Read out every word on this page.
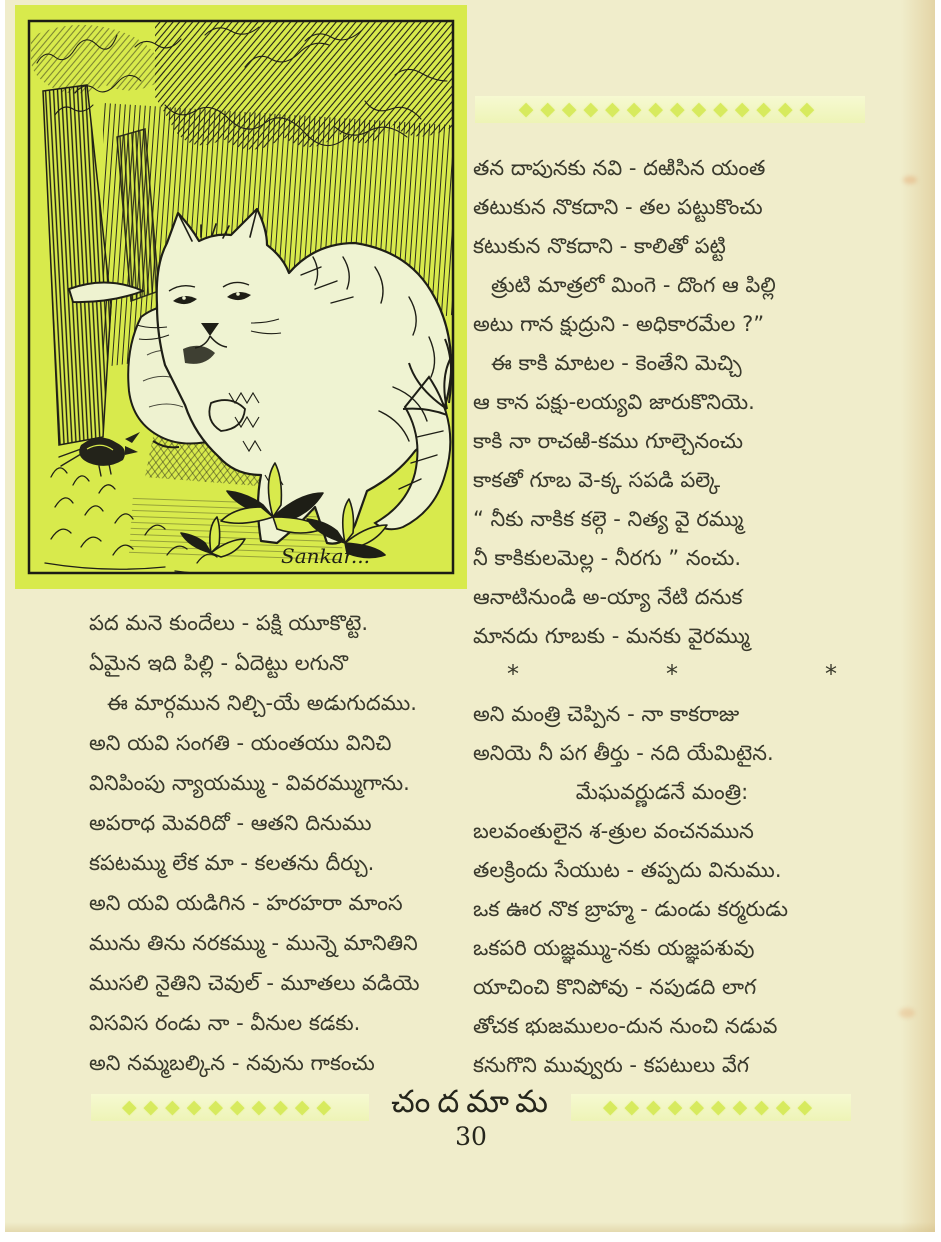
Sankar...
◆◆◆◆◆◆◆◆◆◆◆◆◆◆
◆◆◆◆◆◆◆◆◆◆	◆◆◆◆◆◆◆◆◆◆
తన దాపునకు నవి - దఱిసిన యంత
తటుకున నొకదాని - తల పట్టుకొంచు
కటుకున నొకదాని - కాలితో పట్టి
త్రుటి మాత్రలో మింగె - దొంగ ఆ పిల్లి
అటు గాన క్షుద్రుని - అధికారమేల ?”
ఈ కాకి మాటల - కెంతేని మెచ్చి
ఆ కాన పక్షు-లయ్యవి జారుకొనియె.
కాకి నా రాచఱి-కము గూల్చెనంచు
కాకతో గూబ వె-క్క సపడి పల్కె
“ నీకు నాకిక కల్గె - నిత్య వై రమ్ము
నీ కాకికులమెల్ల - నీరగు ” నంచు.
ఆనాటినుండి అ-య్యా నేటి దనుక
మానదు గూబకు - మనకు వైరమ్ము
*	*	*
అని మంత్రి చెప్పిన - నా కాకరాజు
అనియె నీ పగ తీర్తు - నది యేమిటైన.
మేఘవర్ణుడనే మంత్రి:
బలవంతులైన శ-త్రుల వంచనమున
తలక్రిందు సేయుట - తప్పదు వినుము.
ఒక ఊర నొక బ్రాహ్మ - డుండు కర్మరుడు
ఒకపరి యజ్ఞమ్ము-నకు యజ్ఞపశువు
యాచించి కొనిపోవు - నపుడది లాగ
తోచక భుజములం-దున నుంచి నడువ
కనుగొని మువ్వురు - కపటులు వేగ
పద మనె కుందేలు - పక్షి యూకొట్టె.
ఏమైన ఇది పిల్లి - ఏదెట్టు లగునొ
ఈ మార్గమున నిల్చి-యే అడుగుదము.
అని యవి సంగతి - యంతయు వినిచి
వినిపింపు న్యాయమ్ము - వివరమ్ముగాను.
అపరాధ మెవరిదో - ఆతని దినుము
కపటమ్ము లేక మా - కలతను దీర్చు.
అని యవి యడిగిన - హరహరా మాంస
మును తిను నరకమ్ము - మున్నె మానితిని
ముసలి నైతిని చెవుల్ - మూతలు వడియె
విసవిస రండు నా - వీనుల కడకు.
అని నమ్మబల్కిన - నవును గాకంచు
చందమామ
30
